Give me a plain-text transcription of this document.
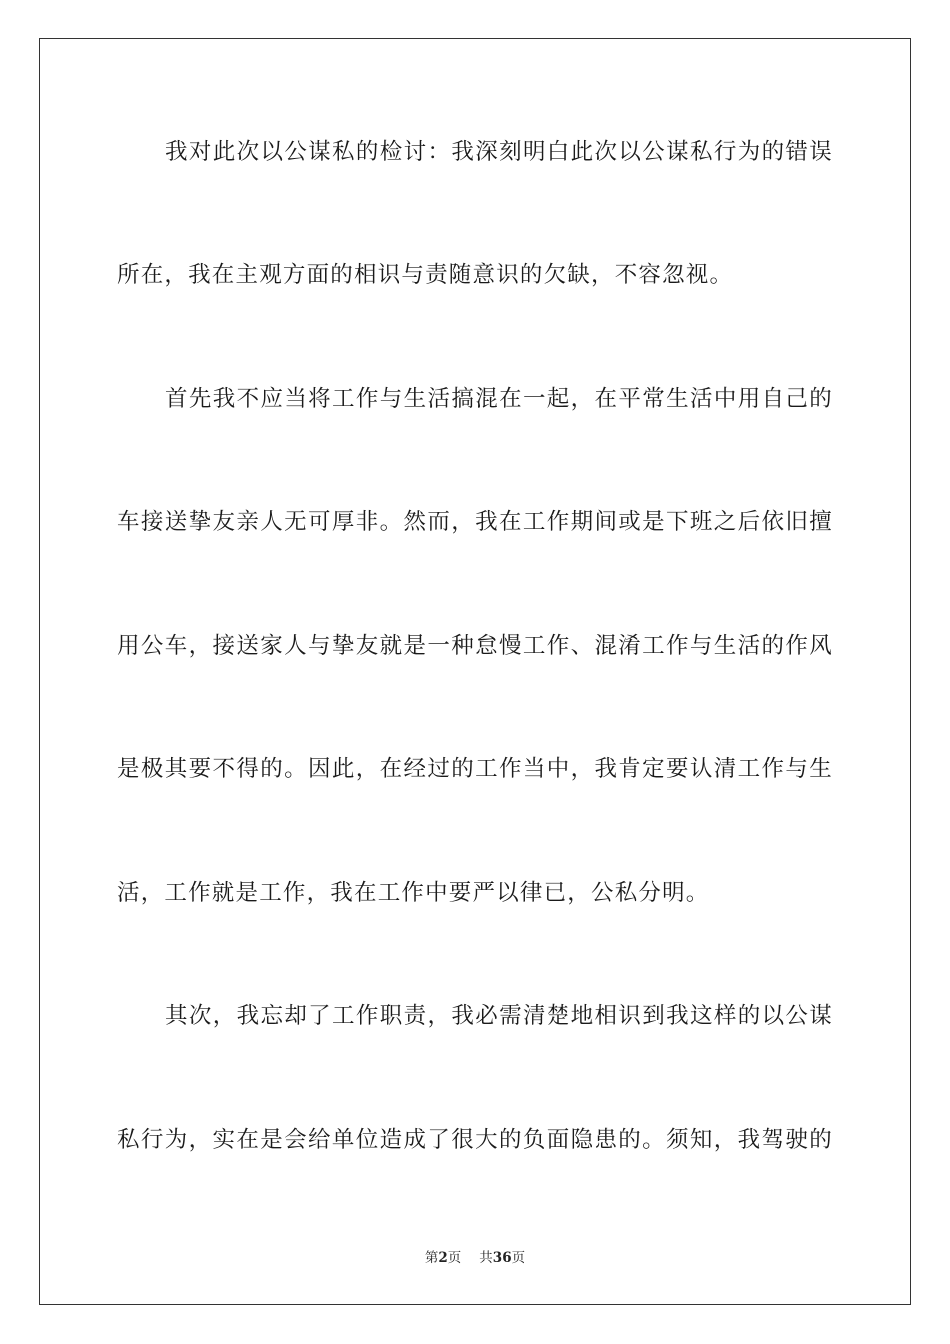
我对此次以公谋私的检讨：我深刻明白此次以公谋私行为的错误
所在，我在主观方面的相识与责随意识的欠缺，不容忽视。
首先我不应当将工作与生活搞混在一起，在平常生活中用自己的
车接送挚友亲人无可厚非。然而，我在工作期间或是下班之后依旧擅
用公车，接送家人与挚友就是一种怠慢工作、混淆工作与生活的作风
是极其要不得的。因此，在经过的工作当中，我肯定要认清工作与生
活，工作就是工作，我在工作中要严以律已，公私分明。
其次，我忘却了工作职责，我必需清楚地相识到我这样的以公谋
私行为，实在是会给单位造成了很大的负面隐患的。须知，我驾驶的
第2页 共36页
